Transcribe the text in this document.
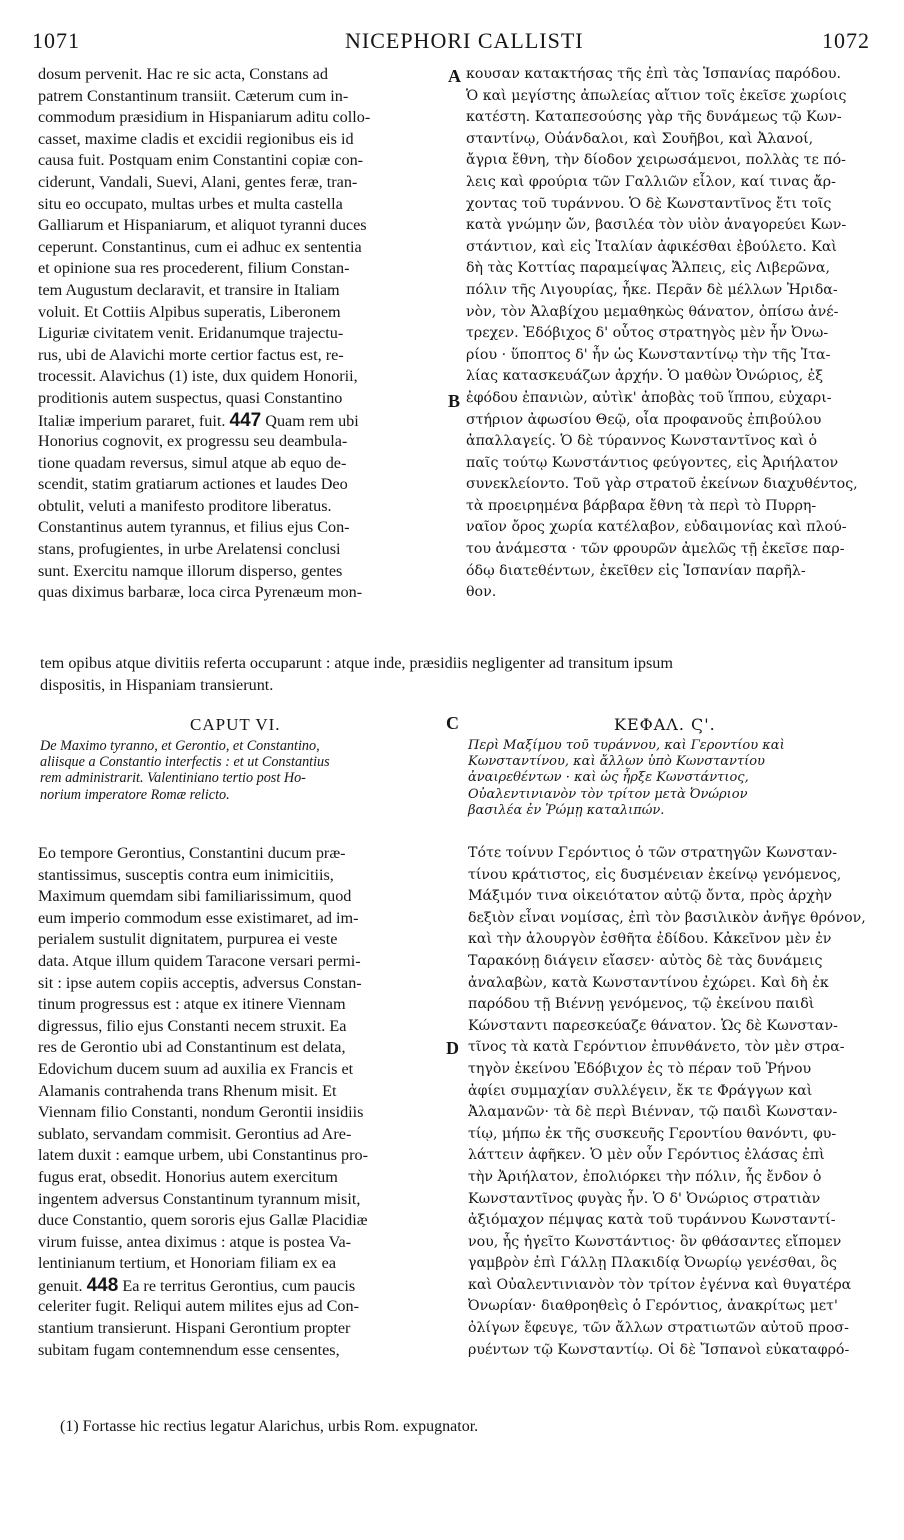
1071	NICEPHORI CALLISTI	1072
A
B
C
D
dosum pervenit. Hac re sic acta, Constans ad
patrem Constantinum transiit. Cæterum cum in-
commodum præsidium in Hispaniarum aditu collo-
casset, maxime cladis et excidii regionibus eis id
causa fuit. Postquam enim Constantini copiæ con-
ciderunt, Vandali, Suevi, Alani, gentes feræ, tran-
situ eo occupato, multas urbes et multa castella
Galliarum et Hispaniarum, et aliquot tyranni duces
ceperunt. Constantinus, cum ei adhuc ex sententia
et opinione sua res procederent, filium Constan-
tem Augustum declaravit, et transire in Italiam
voluit. Et Cottiis Alpibus superatis, Liberonem
Liguriæ civitatem venit. Eridanumque trajectu-
rus, ubi de Alavichi morte certior factus est, re-
trocessit. Alavichus (1) iste, dux quidem Honorii,
proditionis autem suspectus, quasi Constantino
Italiæ imperium pararet, fuit. 447 Quam rem ubi
Honorius cognovit, ex progressu seu deambula-
tione quadam reversus, simul atque ab equo de-
scendit, statim gratiarum actiones et laudes Deo
obtulit, veluti a manifesto proditore liberatus.
Constantinus autem tyrannus, et filius ejus Con-
stans, profugientes, in urbe Arelatensi conclusi
sunt. Exercitu namque illorum disperso, gentes
quas diximus barbaræ, loca circa Pyrenæum mon-
κουσαν κατακτήσας τῆς ἐπὶ τὰς Ἱσπανίας παρόδου.
Ὁ καὶ μεγίστης ἀπωλείας αἴτιον τοῖς ἐκεῖσε χωρίοις
κατέστη. Καταπεσούσης γὰρ τῆς δυνάμεως τῷ Κων-
σταντίνῳ, Οὐάνδαλοι, καὶ Σουῆβοι, καὶ Ἀλανοί,
ἄγρια ἔθνη, τὴν δίοδον χειρωσάμενοι, πολλὰς τε πό-
λεις καὶ φρούρια τῶν Γαλλιῶν εἷλον, καί τινας ἄρ-
χοντας τοῦ τυράννου. Ὁ δὲ Κωνσταντῖνος ἔτι τοῖς
κατὰ γνώμην ὤν, βασιλέα τὸν υἱὸν ἀναγορεύει Κων-
στάντιον, καὶ εἰς Ἰταλίαν ἀφικέσθαι ἐβούλετο. Καὶ
δὴ τὰς Κοττίας παραμείψας Ἄλπεις, εἰς Λιβερῶνα,
πόλιν τῆς Λιγουρίας, ἧκε. Περᾶν δὲ μέλλων Ἠριδα-
νὸν, τὸν Ἀλαβίχου μεμαθηκὼς θάνατον, ὀπίσω ἀνέ-
τρεχεν. Ἐδόβιχος δ' οὗτος στρατηγὸς μὲν ἦν Ὀνω-
ρίου · ὕποπτος δ' ἦν ὡς Κωνσταντίνῳ τὴν τῆς Ἰτα-
λίας κατασκευάζων ἀρχήν. Ὁ μαθὼν Ὀνώριος, ἐξ
ἐφόδου ἐπανιὼν, αὐτὶκ' ἀποβὰς τοῦ ἵππου, εὐχαρι-
στήριον ἀφωσίου Θεῷ, οἷα προφανοῦς ἐπιβούλου
ἀπαλλαγείς. Ὁ δὲ τύραννος Κωνσταντῖνος καὶ ὁ
παῖς τούτῳ Κωνστάντιος φεύγοντες, εἰς Ἀριήλατον
συνεκλείοντο. Τοῦ γὰρ στρατοῦ ἐκείνων διαχυθέντος,
τὰ προειρημένα βάρβαρα ἔθνη τὰ περὶ τὸ Πυρρη-
ναῖον ὄρος χωρία κατέλαβον, εὐδαιμονίας καὶ πλού-
του ἀνάμεστα · τῶν φρουρῶν ἀμελῶς τῇ ἐκεῖσε παρ-
όδῳ διατεθέντων, ἐκεῖθεν εἰς Ἱσπανίαν παρῆλ-
θον.
tem opibus atque divitiis referta occuparunt : atque inde, præsidiis negligenter ad transitum ipsum
dispositis, in Hispaniam transierunt.
CAPUT VI.	ΚΕΦΑΛ. Ϛ'.
De Maximo tyranno, et Gerontio, et Constantino,
aliisque a Constantio interfectis : et ut Constantius
rem administrarit. Valentiniano tertio post Ho-
norium imperatore Romæ relicto.
Περὶ Μαξίμου τοῦ τυράννου, καὶ Γεροντίου καὶ
Κωνσταντίνου, καὶ ἄλλων ὑπὸ Κωνσταντίου
ἀναιρεθέντων · καὶ ὡς ἦρξε Κωνστάντιος,
Οὐαλεντινιανὸν τὸν τρίτον μετὰ Ὀνώριον
βασιλέα ἐν Ῥώμῃ καταλιπών.
Eo tempore Gerontius, Constantini ducum præ-
stantissimus, susceptis contra eum inimicitiis,
Maximum quemdam sibi familiarissimum, quod
eum imperio commodum esse existimaret, ad im-
perialem sustulit dignitatem, purpurea ei veste
data. Atque illum quidem Taracone versari permi-
sit : ipse autem copiis acceptis, adversus Constan-
tinum progressus est : atque ex itinere Viennam
digressus, filio ejus Constanti necem struxit. Ea
res de Gerontio ubi ad Constantinum est delata,
Edovichum ducem suum ad auxilia ex Francis et
Alamanis contrahenda trans Rhenum misit. Et
Viennam filio Constanti, nondum Gerontii insidiis
sublato, servandam commisit. Gerontius ad Are-
latem duxit : eamque urbem, ubi Constantinus pro-
fugus erat, obsedit. Honorius autem exercitum
ingentem adversus Constantinum tyrannum misit,
duce Constantio, quem sororis ejus Gallæ Placidiæ
virum fuisse, antea diximus : atque is postea Va-
lentinianum tertium, et Honoriam filiam ex ea
genuit. 448 Ea re territus Gerontius, cum paucis
celeriter fugit. Reliqui autem milites ejus ad Con-
stantium transierunt. Hispani Gerontium propter
subitam fugam contemnendum esse censentes,
Τότε τοίνυν Γερόντιος ὁ τῶν στρατηγῶν Κωνσταν-
τίνου κράτιστος, εἰς δυσμένειαν ἐκείνῳ γενόμενος,
Μάξιμόν τινα οἰκειότατον αὐτῷ ὄντα, πρὸς ἀρχὴν
δεξιὸν εἶναι νομίσας, ἐπὶ τὸν βασιλικὸν ἀνῆγε θρόνον,
καὶ τὴν ἀλουργὸν ἐσθῆτα ἐδίδου. Κἀκεῖνον μὲν ἐν
Ταρακόνῃ διάγειν εἴασεν· αὐτὸς δὲ τὰς δυνάμεις
ἀναλαβὼν, κατὰ Κωνσταντίνου ἐχώρει. Καὶ δὴ ἐκ
παρόδου τῇ Βιέννῃ γενόμενος, τῷ ἐκείνου παιδὶ
Κώνσταντι παρεσκεύαζε θάνατον. Ὡς δὲ Κωνσταν-
τῖνος τὰ κατὰ Γερόντιον ἐπυνθάνετο, τὸν μὲν στρα-
τηγὸν ἐκείνου Ἐδόβιχον ἐς τὸ πέραν τοῦ Ῥήνου
ἀφίει συμμαχίαν συλλέγειν, ἔκ τε Φράγγων καὶ
Ἀλαμανῶν· τὰ δὲ περὶ Βιένναν, τῷ παιδὶ Κωνσταν-
τίῳ, μήπω ἐκ τῆς συσκευῆς Γεροντίου θανόντι, φυ-
λάττειν ἀφῆκεν. Ὁ μὲν οὖν Γερόντιος ἐλάσας ἐπὶ
τὴν Ἀριήλατον, ἐπολιόρκει τὴν πόλιν, ἧς ἔνδον ὁ
Κωνσταντῖνος φυγὰς ἦν. Ὁ δ' Ὀνώριος στρατιὰν
ἀξιόμαχον πέμψας κατὰ τοῦ τυράννου Κωνσταντί-
νου, ἧς ἡγεῖτο Κωνστάντιος· ὃν φθάσαντες εἴπομεν
γαμβρὸν ἐπὶ Γάλλῃ Πλακιδίᾳ Ὀνωρίῳ γενέσθαι, ὃς
καὶ Οὐαλεντινιανὸν τὸν τρίτον ἐγέννα καὶ θυγατέρα
Ὀνωρίαν· διαθροηθεὶς ὁ Γερόντιος, ἀνακρίτως μετ'
ὀλίγων ἔφευγε, τῶν ἄλλων στρατιωτῶν αὐτοῦ προσ-
ρυέντων τῷ Κωνσταντίῳ. Οἱ δὲ Ἴσπανοὶ εὐκαταφρό-
(1) Fortasse hic rectius legatur Alarichus, urbis Rom. expugnator.
